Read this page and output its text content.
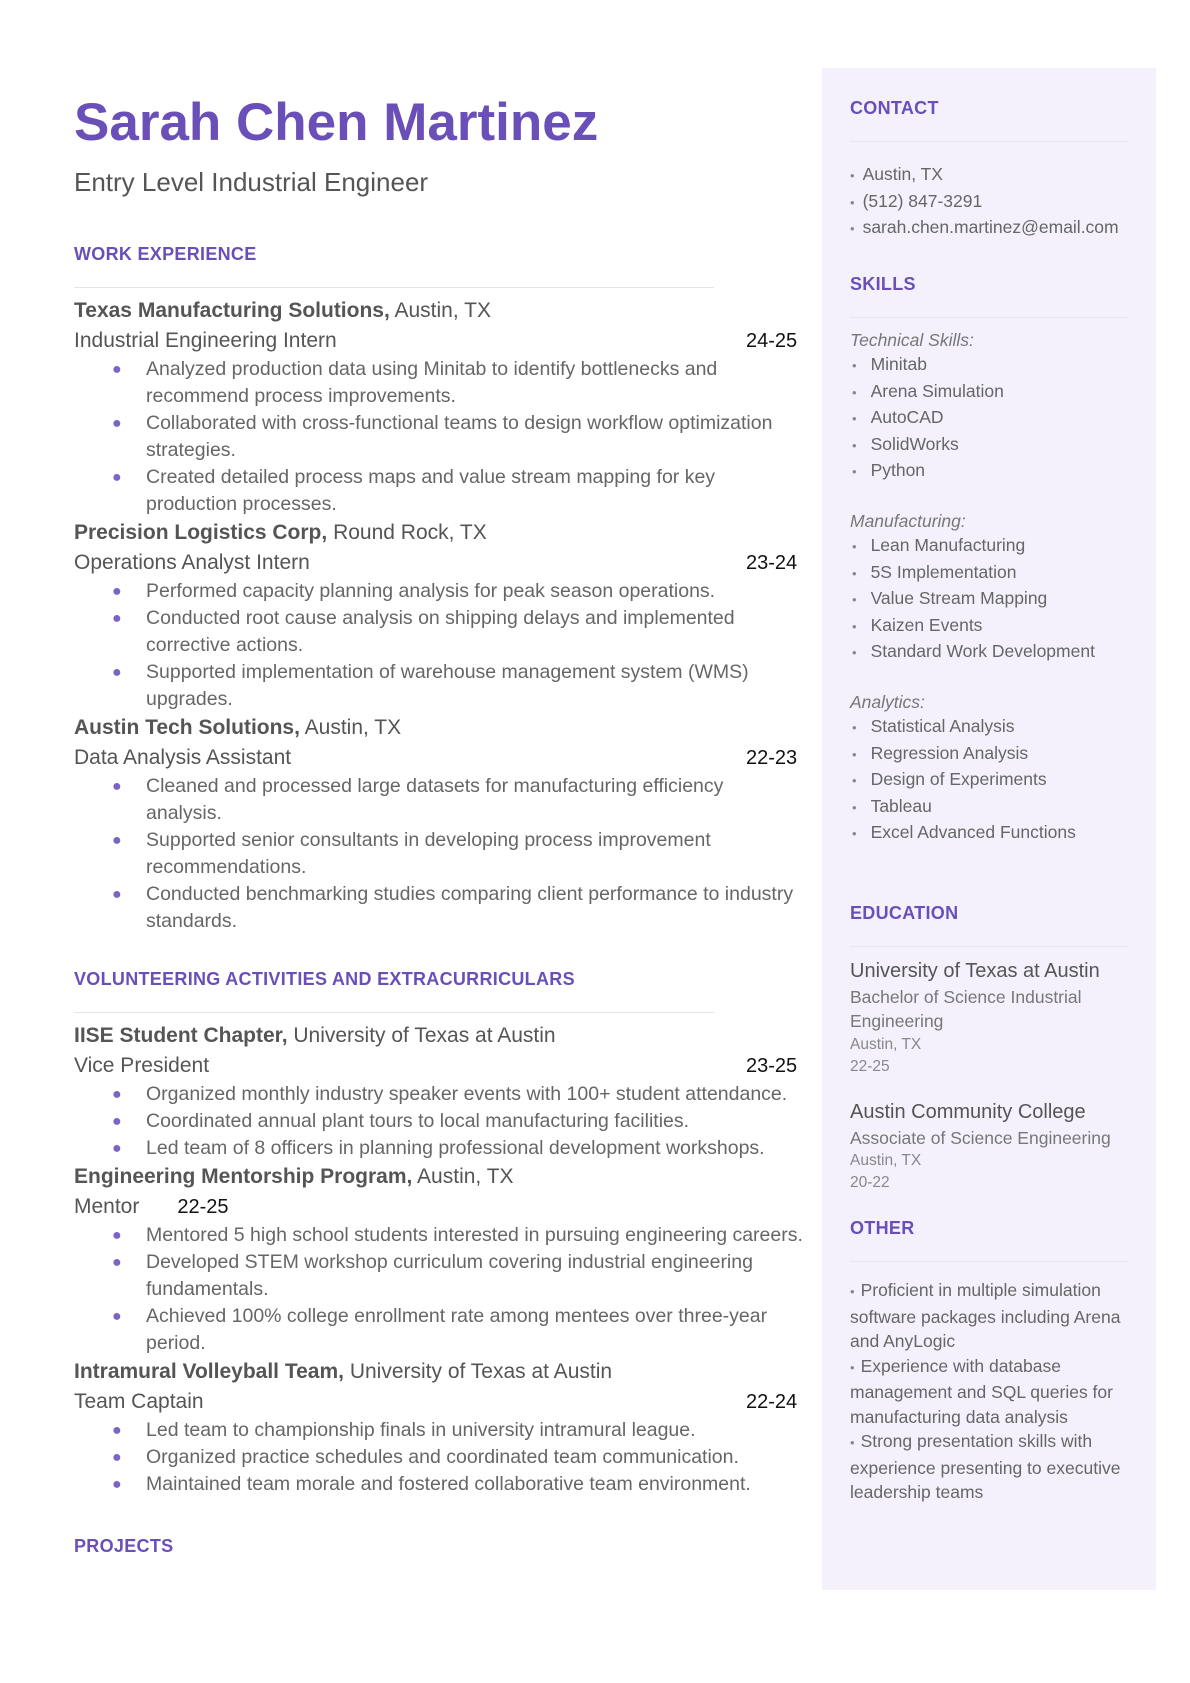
Sarah Chen Martinez
Entry Level Industrial Engineer
WORK EXPERIENCE
Texas Manufacturing Solutions, Austin, TX
Industrial Engineering Intern	24-25
● Analyzed production data using Minitab to identify bottlenecks and recommend process improvements.
● Collaborated with cross-functional teams to design workflow optimization strategies.
● Created detailed process maps and value stream mapping for key production processes.
Precision Logistics Corp, Round Rock, TX
Operations Analyst Intern	23-24
● Performed capacity planning analysis for peak season operations.
● Conducted root cause analysis on shipping delays and implemented corrective actions.
● Supported implementation of warehouse management system (WMS) upgrades.
Austin Tech Solutions, Austin, TX
Data Analysis Assistant	22-23
● Cleaned and processed large datasets for manufacturing efficiency analysis.
● Supported senior consultants in developing process improvement recommendations.
● Conducted benchmarking studies comparing client performance to industry standards.
VOLUNTEERING ACTIVITIES AND EXTRACURRICULARS
IISE Student Chapter, University of Texas at Austin
Vice President	23-25
● Organized monthly industry speaker events with 100+ student attendance.
● Coordinated annual plant tours to local manufacturing facilities.
● Led team of 8 officers in planning professional development workshops.
Engineering Mentorship Program, Austin, TX
Mentor 22-25
● Mentored 5 high school students interested in pursuing engineering careers.
● Developed STEM workshop curriculum covering industrial engineering fundamentals.
● Achieved 100% college enrollment rate among mentees over three-year period.
Intramural Volleyball Team, University of Texas at Austin
Team Captain	22-24
● Led team to championship finals in university intramural league.
● Organized practice schedules and coordinated team communication.
● Maintained team morale and fostered collaborative team environment.
PROJECTS
CONTACT
• Austin, TX
• (512) 847-3291
• sarah.chen.martinez@email.com
SKILLS
Technical Skills:
• Minitab
• Arena Simulation
• AutoCAD
• SolidWorks
• Python
Manufacturing:
• Lean Manufacturing
• 5S Implementation
• Value Stream Mapping
• Kaizen Events
• Standard Work Development
Analytics:
• Statistical Analysis
• Regression Analysis
• Design of Experiments
• Tableau
• Excel Advanced Functions
EDUCATION
University of Texas at Austin
Bachelor of Science Industrial Engineering
Austin, TX
22-25
Austin Community College
Associate of Science Engineering
Austin, TX
20-22
OTHER
• Proficient in multiple simulation software packages including Arena and AnyLogic
• Experience with database management and SQL queries for manufacturing data analysis
• Strong presentation skills with experience presenting to executive leadership teams
